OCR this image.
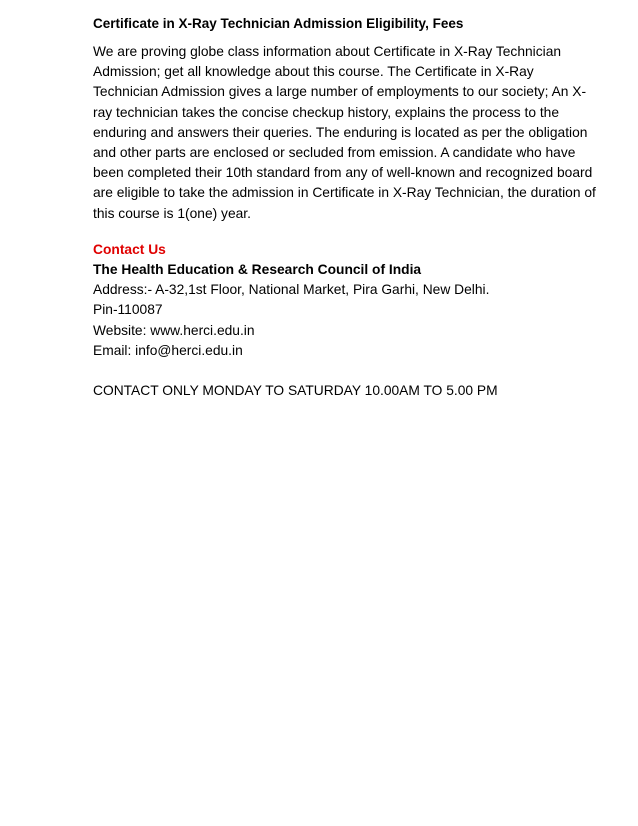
Certificate in X-Ray Technician Admission Eligibility, Fees

We are proving globe class information about Certificate in X-Ray Technician Admission; get all knowledge about this course. The Certificate in X-Ray Technician Admission gives a large number of employments to our society; An X-ray technician takes the concise checkup history, explains the process to the enduring and answers their queries. The enduring is located as per the obligation and other parts are enclosed or secluded from emission. A candidate who have been completed their 10th standard from any of well-known and recognized board are eligible to take the admission in Certificate in X-Ray Technician, the duration of this course is 1(one) year.

Contact Us
The Health Education & Research Council of India
Address:- A-32,1st Floor, National Market, Pira Garhi, New Delhi.
Pin-110087
Website: www.herci.edu.in
Email: info@herci.edu.in
CONTACT ONLY MONDAY TO SATURDAY 10.00AM TO 5.00 PM
